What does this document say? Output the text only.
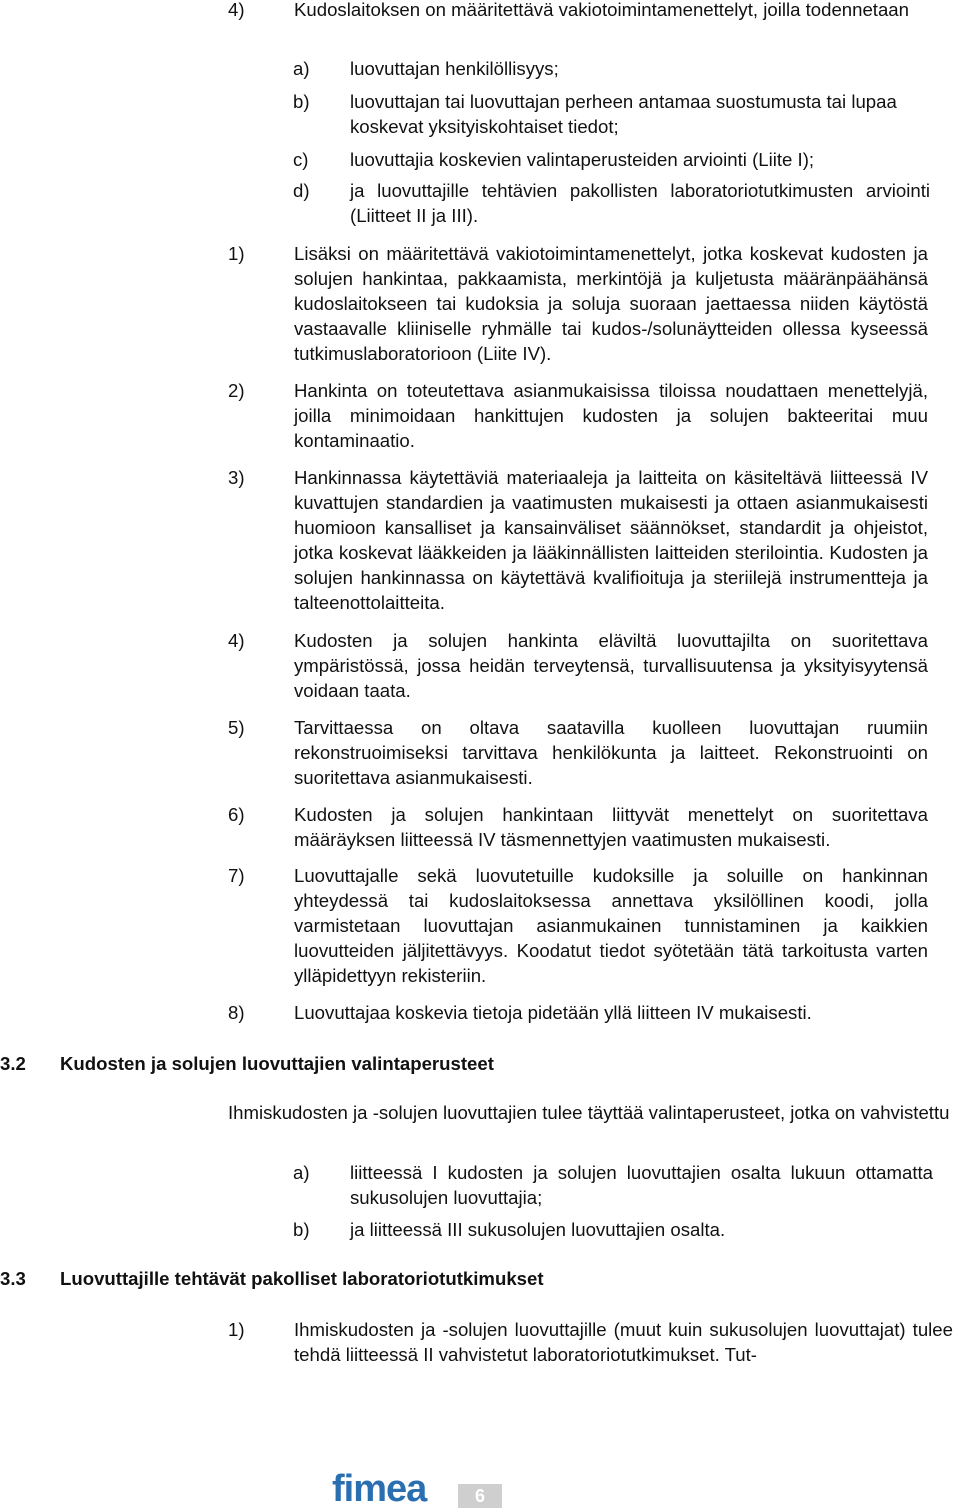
4)	Kudoslaitoksen on määritettävä vakiotoimintamenettelyt, joilla todennetaan
a) luovuttajan henkilöllisyys;
b) luovuttajan tai luovuttajan perheen antamaa suostumusta tai lupaa koskevat yksityiskohtaiset tiedot;
c) luovuttajia koskevien valintaperusteiden arviointi (Liite I);
d) ja luovuttajille tehtävien pakollisten laboratoriotutkimusten arviointi (Liitteet II ja III).
1)	Lisäksi on määritettävä vakiotoimintamenettelyt, jotka koskevat kudosten ja solujen hankintaa, pakkaamista, merkintöjä ja kuljetusta määränpäähänsä kudoslaitokseen tai kudoksia ja soluja suoraan jaettaessa niiden käytöstä vastaavalle kliiniselle ryhmälle tai kudos-/solunäytteiden ollessa kyseessä tutkimuslaboratorioon (Liite IV).
2)	Hankinta on toteutettava asianmukaisissa tiloissa noudattaen menettelyjä, joilla minimoidaan hankittujen kudosten ja solujen bakteeritai muu kontaminaatio.
3)	Hankinnassa käytettäviä materiaaleja ja laitteita on käsiteltävä liitteessä IV kuvattujen standardien ja vaatimusten mukaisesti ja ottaen asianmukaisesti huomioon kansalliset ja kansainväliset säännökset, standardit ja ohjeistot, jotka koskevat lääkkeiden ja lääkinnällisten laitteiden sterilointia. Kudosten ja solujen hankinnassa on käytettävä kvalifioituja ja steriilejä instrumentteja ja talteenottolaitteita.
4)	Kudosten ja solujen hankinta eläviltä luovuttajilta on suoritettava ympäristössä, jossa heidän terveytensä, turvallisuutensa ja yksityisyytensä voidaan taata.
5)	Tarvittaessa on oltava saatavilla kuolleen luovuttajan ruumiin rekonstruoimiseksi tarvittava henkilökunta ja laitteet. Rekonstruointi on suoritettava asianmukaisesti.
6)	Kudosten ja solujen hankintaan liittyvät menettelyt on suoritettava määräyksen liitteessä IV täsmennettyjen vaatimusten mukaisesti.
7)	Luovuttajalle sekä luovutetuille kudoksille ja soluille on hankinnan yhteydessä tai kudoslaitoksessa annettava yksilöllinen koodi, jolla varmistetaan luovuttajan asianmukainen tunnistaminen ja kaikkien luovutteiden jäljitettävyys. Koodatut tiedot syötetään tätä tarkoitusta varten ylläpidettyyn rekisteriin.
8)	Luovuttajaa koskevia tietoja pidetään yllä liitteen IV mukaisesti.
3.2 Kudosten ja solujen luovuttajien valintaperusteet
Ihmiskudosten ja -solujen luovuttajien tulee täyttää valintaperusteet, jotka on vahvistettu
a) liitteessä I kudosten ja solujen luovuttajien osalta lukuun ottamatta sukusolujen luovuttajia;
b) ja liitteessä III sukusolujen luovuttajien osalta.
3.3 Luovuttajille tehtävät pakolliset laboratoriotutkimukset
1)	Ihmiskudosten ja -solujen luovuttajille (muut kuin sukusolujen luovuttajat) tulee tehdä liitteessä II vahvistetut laboratoriotutkimukset. Tut-
fimea	6
